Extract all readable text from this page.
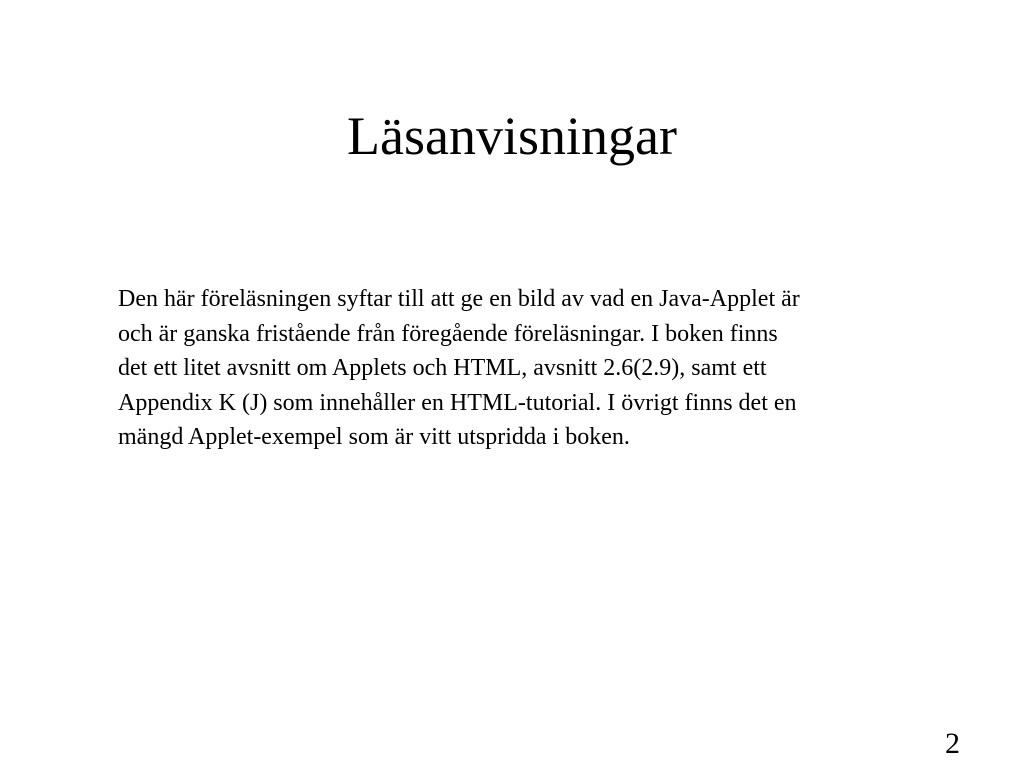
Läsanvisningar

Den här föreläsningen syftar till att ge en bild av vad en Java-Applet är
och är ganska fristående från föregående föreläsningar. I boken finns
det ett litet avsnitt om Applets och HTML, avsnitt 2.6(2.9), samt ett
Appendix K (J) som innehåller en HTML-tutorial. I övrigt finns det en
mängd Applet-exempel som är vitt utspridda i boken.

2
